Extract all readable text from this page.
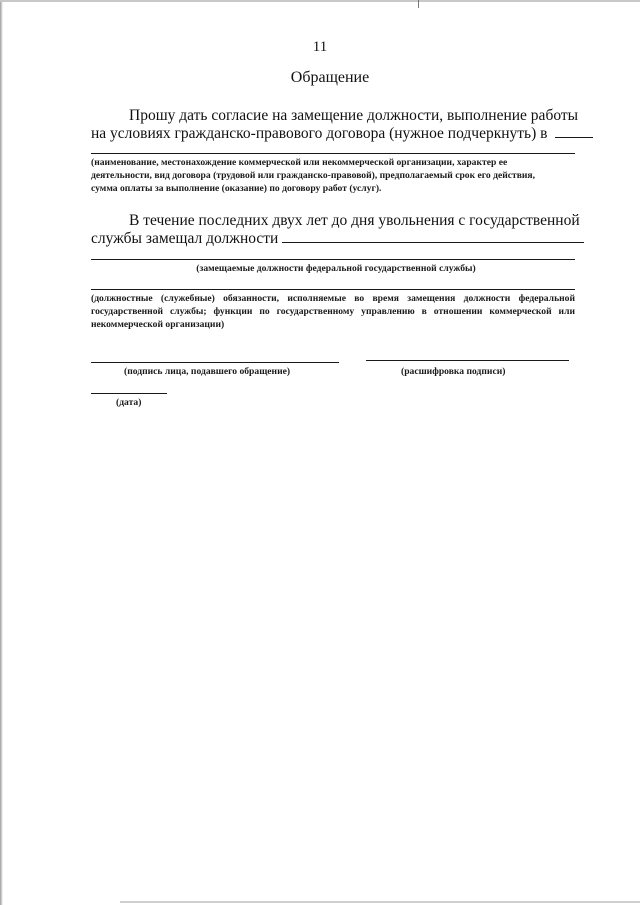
11
Обращение
Прошу дать согласие на замещение должности, выполнение работы
на условиях гражданско-правового договора (нужное подчеркнуть) в
(наименование, местонахождение коммерческой или некоммерческой организации, характер ее
деятельности, вид договора (трудовой или гражданско-правовой), предполагаемый срок его действия,
сумма оплаты за выполнение (оказание) по договору работ (услуг).
В течение последних двух лет до дня увольнения с государственной
службы замещал должности
(замещаемые должности федеральной государственной службы)
(должностные (служебные) обязанности, исполняемые во время замещения должности федеральной государственной службы; функции по государственному управлению в отношении коммерческой или некоммерческой организации)
(подпись лица, подавшего обращение)	(расшифровка подписи)
(дата)
